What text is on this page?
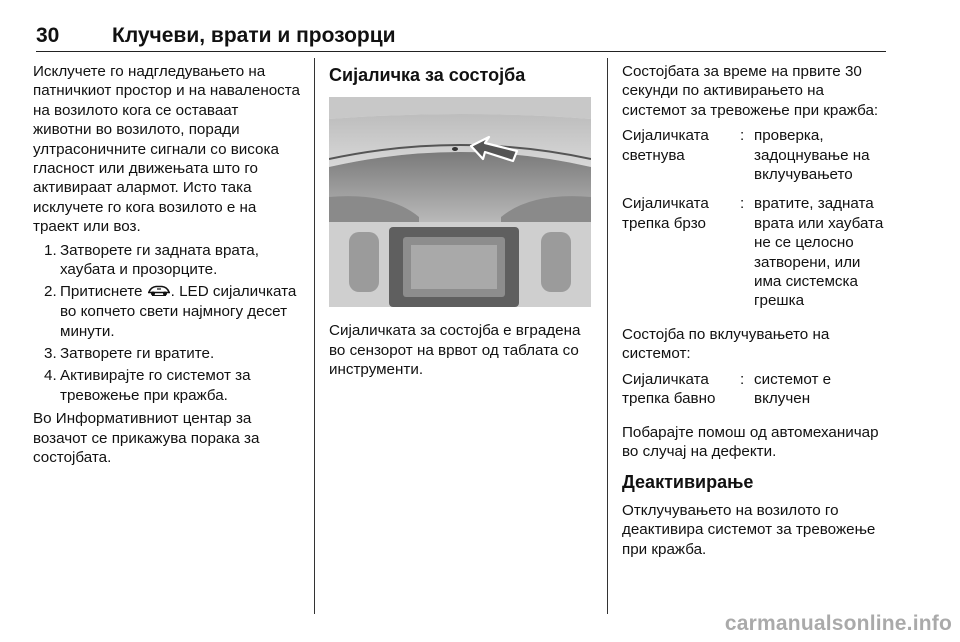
30	Клучеви, врати и прозорци

Исклучете го надгледувањето на патничкиот простор и на наваленоста на возилото кога се оставаат животни во возилото, поради ултрасоничните сигнали со висока гласност или движењата што го активираат алармот. Исто така исклучете го кога возилото е на траект или воз.

1. Затворете ги задната врата, хаубата и прозорците.
2. Притиснете . LED сијаличката во копчето свети најмногу десет минути.
3. Затворете ги вратите.
4. Активирајте го системот за тревожење при кражба.

Во Информативниот центар за возачот се прикажува порака за состојбата.

Сијаличка за состојба

Сијаличката за состојба е вградена во сензорот на врвот од таблата со инструменти.

Состојбата за време на првите 30 секунди по активирањето на системот за тревожење при кражба:

Сијаличката светнува
: проверка, задоцнување на вклучувањето
Сијаличката трепка брзо
: вратите, задната врата или хаубата не се целосно затворени, или има системска грешка

Состојба по вклучувањето на системот:

Сијаличката трепка бавно
: системот е вклучен

Побарајте помош од автомеханичар во случај на дефекти.

Деактивирање

Отклучувањето на возилото го деактивира системот за тревожење при кражба.

carmanualsonline.info
